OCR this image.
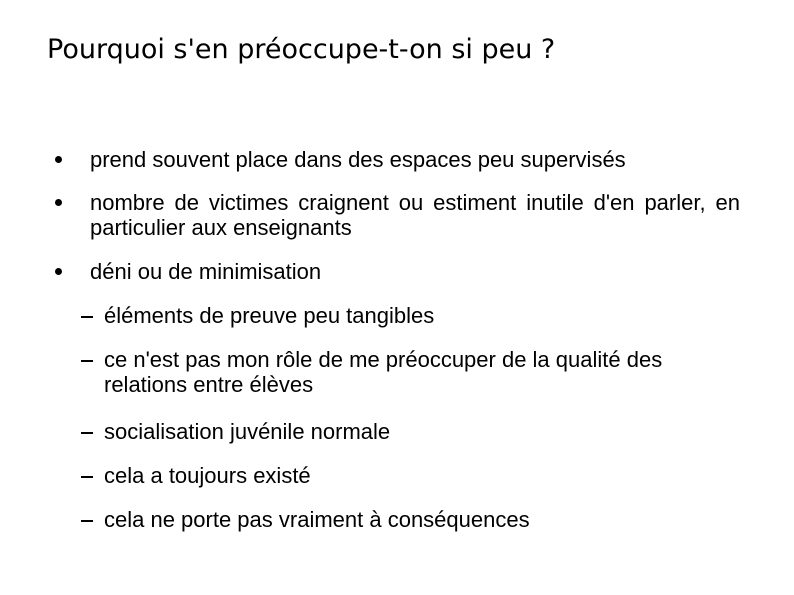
Pourquoi s'en préoccupe-t-on si peu ?
prend souvent place dans des espaces peu supervisés
nombre de victimes craignent ou estiment inutile d'en parler, en particulier aux enseignants
déni ou de minimisation
éléments de preuve peu tangibles
ce n'est pas mon rôle de me préoccuper de la qualité des relations entre élèves
socialisation juvénile normale
cela a toujours existé
cela ne porte pas vraiment à conséquences
